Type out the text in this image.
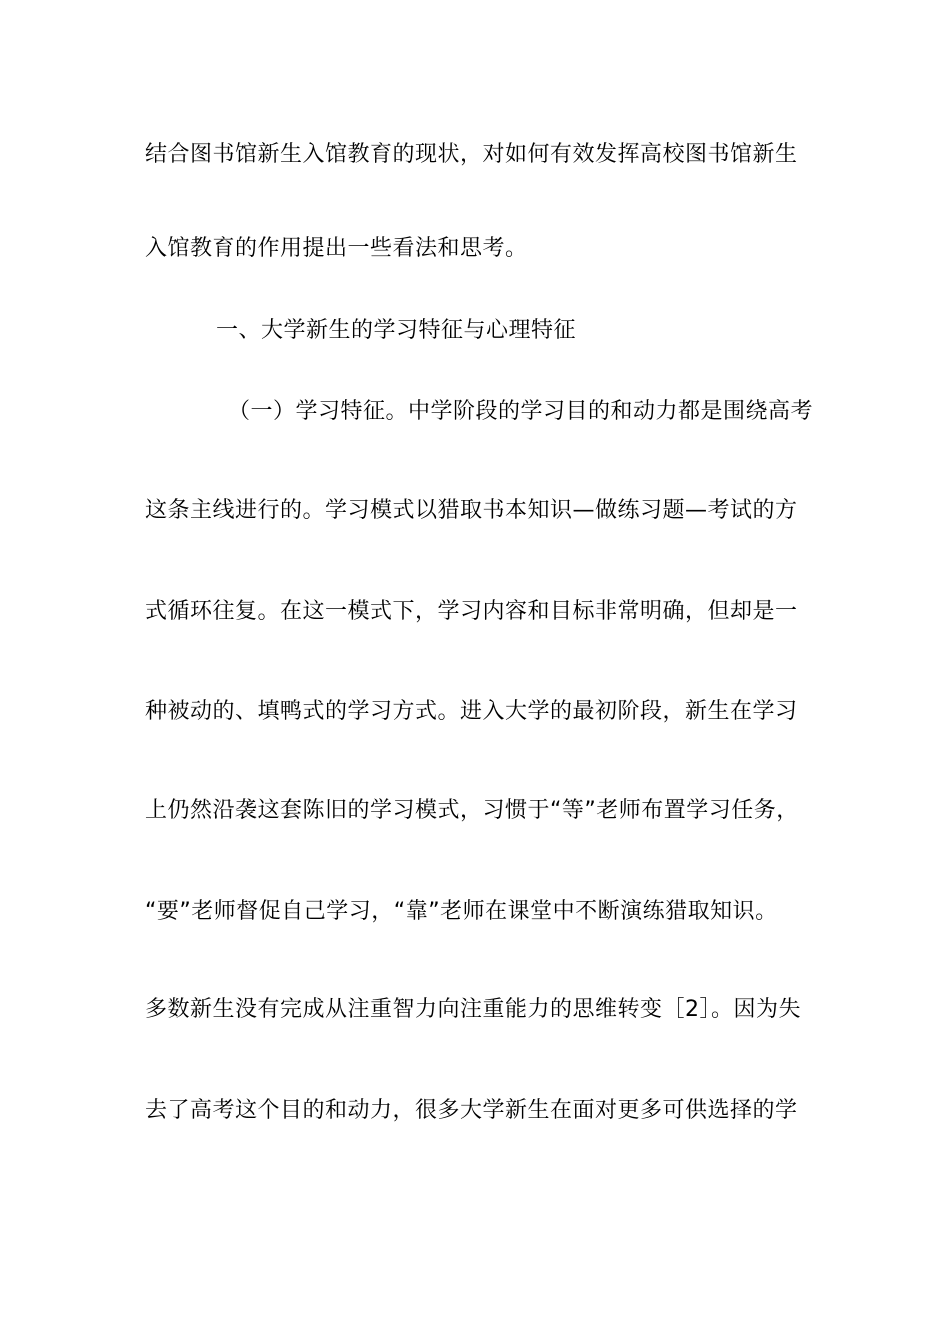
结合图书馆新生入馆教育的现状，对如何有效发挥高校图书馆新生
入馆教育的作用提出一些看法和思考。
一、大学新生的学习特征与心理特征
（一）学习特征。中学阶段的学习目的和动力都是围绕高考
这条主线进行的。学习模式以猎取书本知识—做练习题—考试的方
式循环往复。在这一模式下，学习内容和目标非常明确，但却是一
种被动的、填鸭式的学习方式。进入大学的最初阶段，新生在学习
上仍然沿袭这套陈旧的学习模式，习惯于“等”老师布置学习任务，
“要”老师督促自己学习，“靠”老师在课堂中不断演练猎取知识。
多数新生没有完成从注重智力向注重能力的思维转变［2］。因为失
去了高考这个目的和动力，很多大学新生在面对更多可供选择的学
